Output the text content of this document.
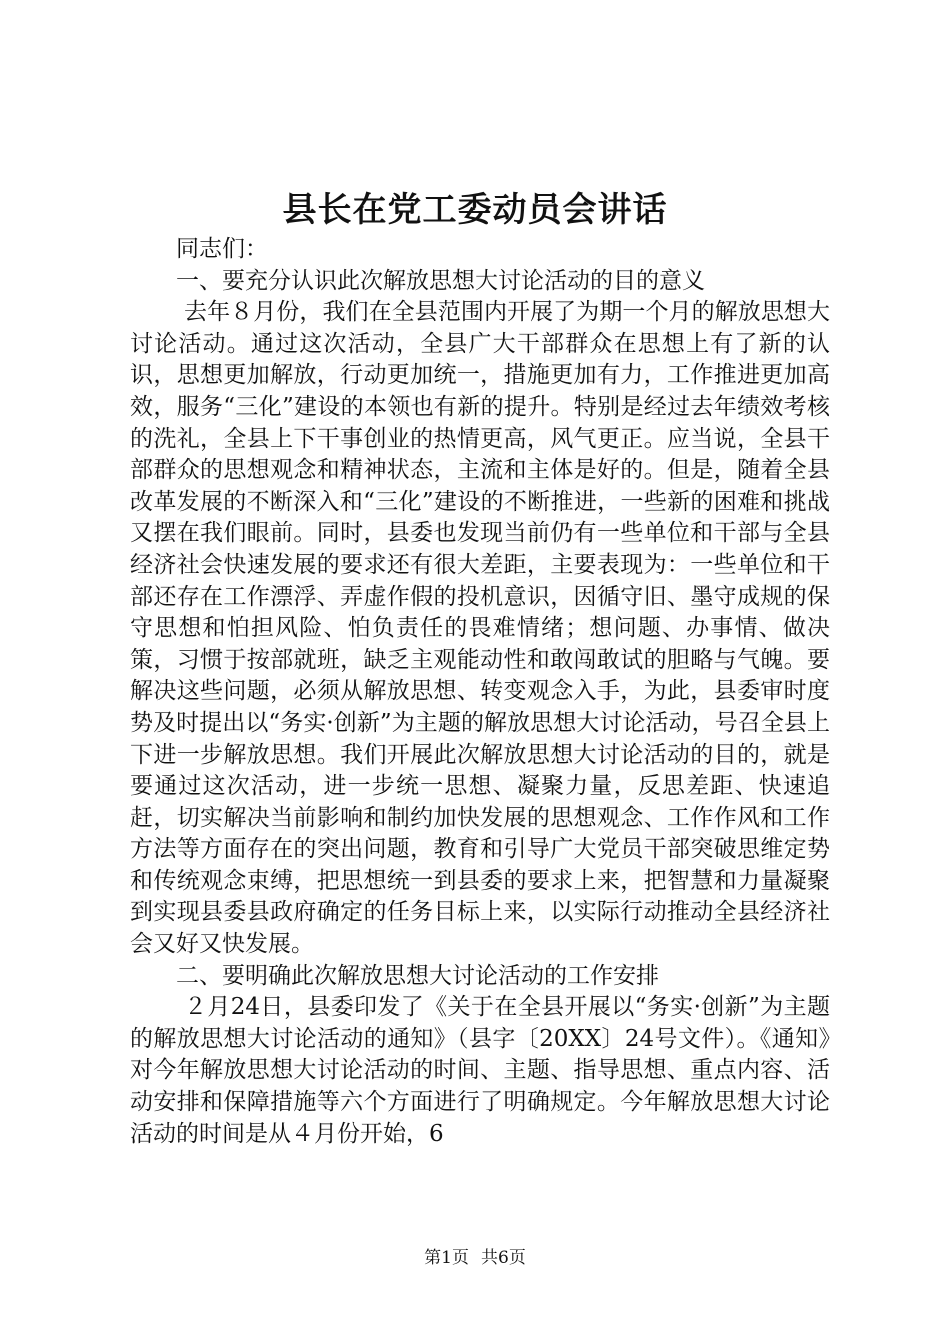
县长在党工委动员会讲话

同志们：

一、要充分认识此次解放思想大讨论活动的目的意义

去年８月份，我们在全县范围内开展了为期一个月的解放思想大讨论活动。通过这次活动，全县广大干部群众在思想上有了新的认识，思想更加解放，行动更加统一，措施更加有力，工作推进更加高效，服务“三化”建设的本领也有新的提升。特别是经过去年绩效考核的洗礼，全县上下干事创业的热情更高，风气更正。应当说，全县干部群众的思想观念和精神状态，主流和主体是好的。但是，随着全县改革发展的不断深入和“三化”建设的不断推进，一些新的困难和挑战又摆在我们眼前。同时，县委也发现当前仍有一些单位和干部与全县经济社会快速发展的要求还有很大差距，主要表现为：一些单位和干部还存在工作漂浮、弄虚作假的投机意识，因循守旧、墨守成规的保守思想和怕担风险、怕负责任的畏难情绪；想问题、办事情、做决策，习惯于按部就班，缺乏主观能动性和敢闯敢试的胆略与气魄。要解决这些问题，必须从解放思想、转变观念入手，为此，县委审时度势及时提出以“务实·创新”为主题的解放思想大讨论活动，号召全县上下进一步解放思想。我们开展此次解放思想大讨论活动的目的，就是要通过这次活动，进一步统一思想、凝聚力量，反思差距、快速追赶，切实解决当前影响和制约加快发展的思想观念、工作作风和工作方法等方面存在的突出问题，教育和引导广大党员干部突破思维定势和传统观念束缚，把思想统一到县委的要求上来，把智慧和力量凝聚到实现县委县政府确定的任务目标上来，以实际行动推动全县经济社会又好又快发展。

二、要明确此次解放思想大讨论活动的工作安排

２月24日，县委印发了《关于在全县开展以“务实·创新”为主题的解放思想大讨论活动的通知》（县字〔20XX〕24号文件）。《通知》对今年解放思想大讨论活动的时间、主题、指导思想、重点内容、活动安排和保障措施等六个方面进行了明确规定。今年解放思想大讨论活动的时间是从４月份开始，6

第1页 共6页
